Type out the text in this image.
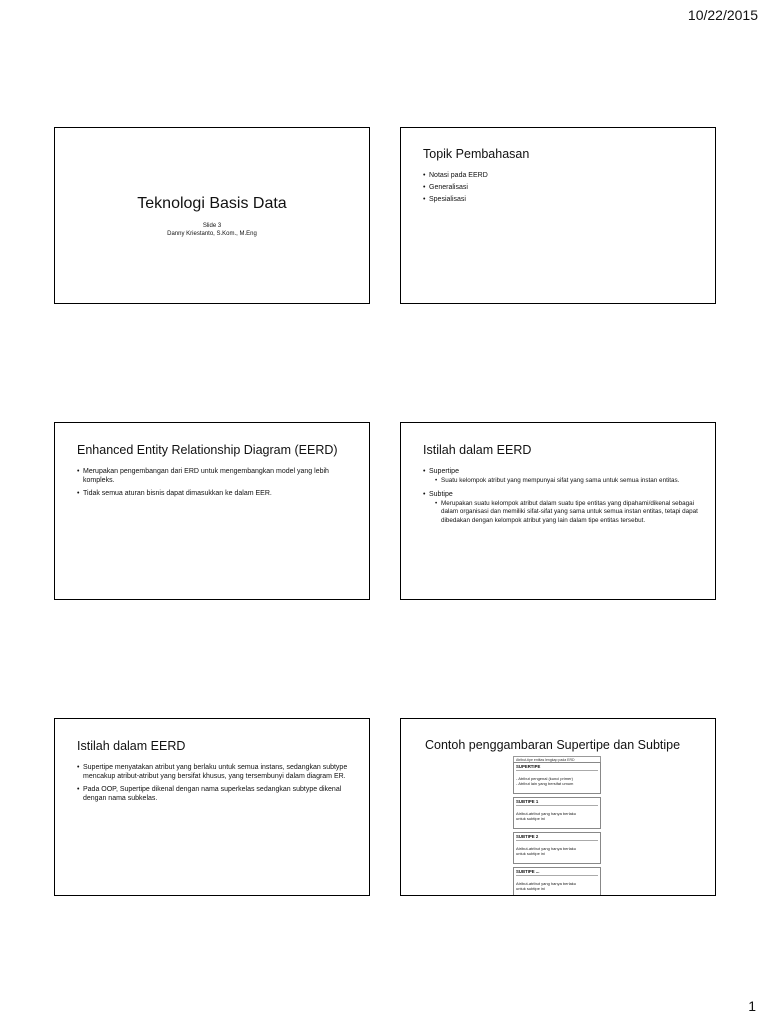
10/22/2015
Teknologi Basis Data
Slide 3
Danny Kriestanto, S.Kom., M.Eng
Topik Pembahasan
• Notasi pada EERD
• Generalisasi
• Spesialisasi
Enhanced Entity Relationship Diagram (EERD)
• Merupakan pengembangan dari ERD untuk mengembangkan model yang lebih kompleks.
• Tidak semua aturan bisnis dapat dimasukkan ke dalam EER.
Istilah dalam EERD
• Supertipe
• Suatu kelompok atribut yang mempunyai sifat yang sama untuk semua instan entitas.
• Subtipe
• Merupakan suatu kelompok atribut dalam suatu tipe entitas yang dipahami/dikenal sebagai dalam organisasi dan memiliki sifat-sifat yang sama untuk semua instan entitas, tetapi dapat dibedakan dengan kelompok atribut yang lain dalam tipe entitas tersebut.
Istilah dalam EERD
• Supertipe menyatakan atribut yang berlaku untuk semua instans, sedangkan subtype mencakup atribut-atribut yang bersifat khusus, yang tersembunyi dalam diagram ER.
• Pada OOP, Supertipe dikenal dengan nama superkelas sedangkan subtype dikenal dengan nama subkelas.
Contoh penggambaran Supertipe dan Subtipe
Atribut-tipe entitas lengkap pada ERD
SUPERTIPE
- Atribut pengenal (kunci primer)
- Atribut lain yang bersifat umum
SUBTIPE 1
Atribut-atribut yang hanya berlaku
untuk subtipe ini
SUBTIPE 2
Atribut-atribut yang hanya berlaku
untuk subtipe ini
SUBTIPE ...
Atribut-atribut yang hanya berlaku
untuk subtipe ini
1
